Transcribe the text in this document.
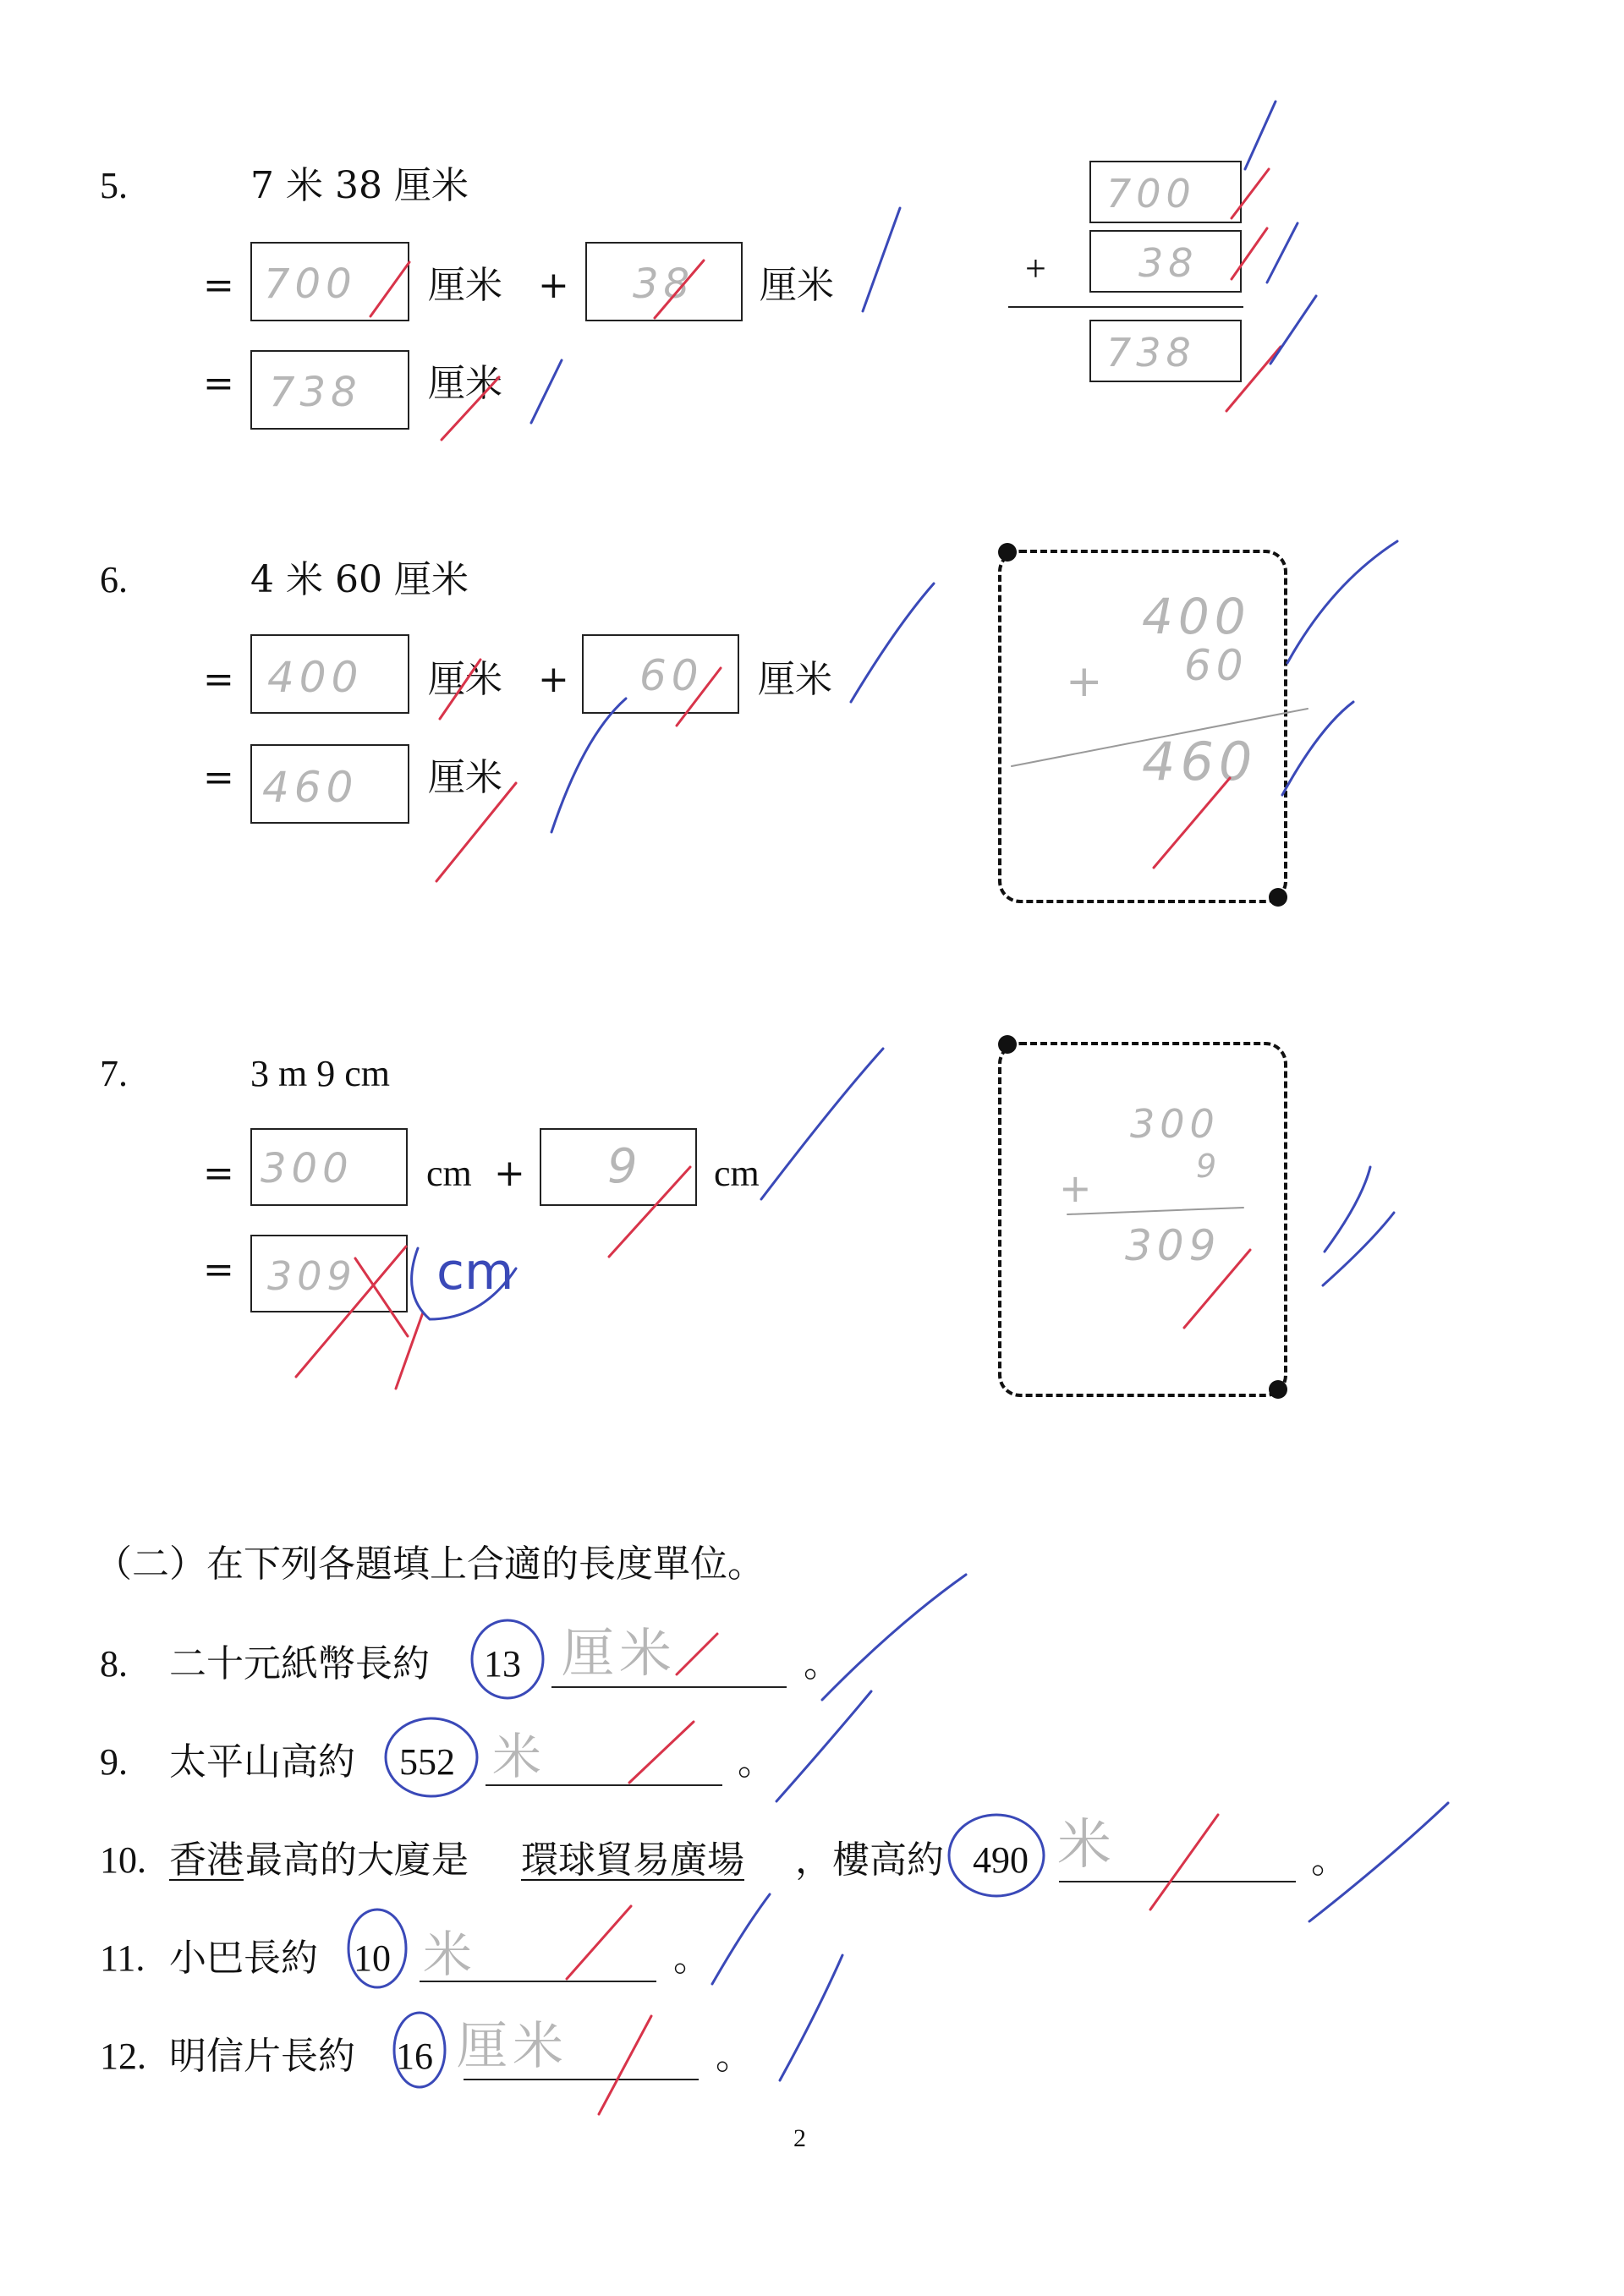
5.	7 米 38 厘米
= 700 厘米 + 38 厘米
= 738 厘米
700
+ 38
738
6.	4 米 60 厘米
= 400 厘米 + 60 厘米
= 460 厘米
400
60
+
460
7.	3 m 9 cm
= 300 cm + 9 cm
= 309 cm
300
9
+
309
（二）在下列各題填上合適的長度單位。
8. 二十元紙幣長約 13 厘米	。
9. 太平山高約 552 米	。
10. 香港 最高的大廈是 環球貿易廣場 ，樓高約 490 米	。
11. 小巴長約 10 米	。
12. 明信片長約 16 厘米	。
2
